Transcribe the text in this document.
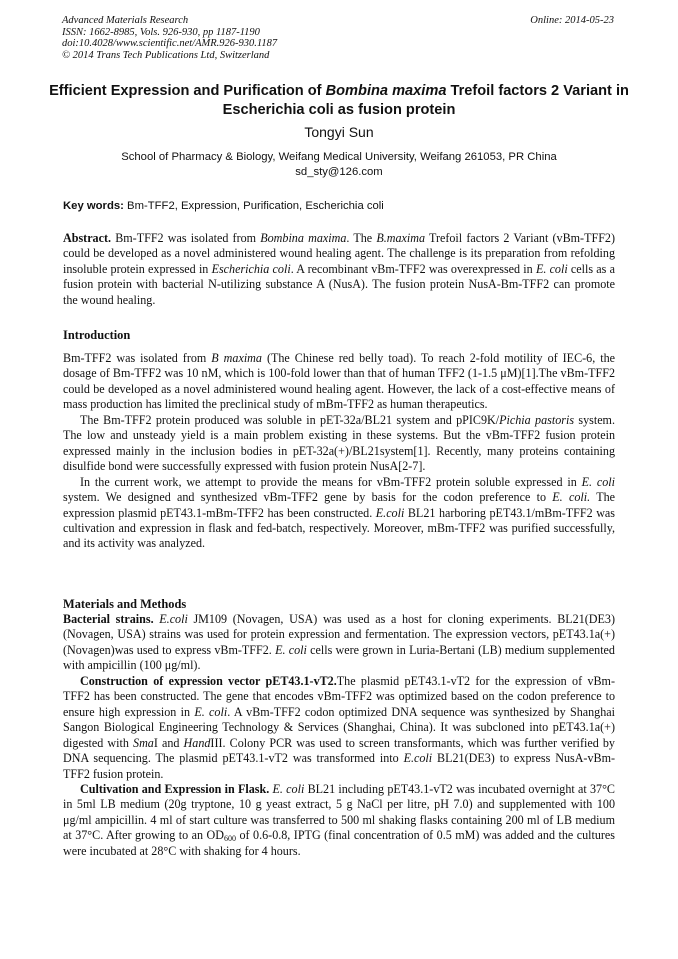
Advanced Materials Research
ISSN: 1662-8985, Vols. 926-930, pp 1187-1190
doi:10.4028/www.scientific.net/AMR.926-930.1187
© 2014 Trans Tech Publications Ltd, Switzerland
Online: 2014-05-23
Efficient Expression and Purification of Bombina maxima Trefoil factors 2 Variant in Escherichia coli as fusion protein
Tongyi Sun
School of Pharmacy & Biology, Weifang Medical University, Weifang 261053, PR China
sd_sty@126.com
Key words: Bm-TFF2, Expression, Purification, Escherichia coli

Abstract. Bm-TFF2 was isolated from Bombina maxima. The B.maxima Trefoil factors 2 Variant (vBm-TFF2) could be developed as a novel administered wound healing agent. The challenge is its preparation from refolding insoluble protein expressed in Escherichia coli. A recombinant vBm-TFF2 was overexpressed in E. coli cells as a fusion protein with bacterial N-utilizing substance A (NusA). The fusion protein NusA-Bm-TFF2 can promote the wound healing.

Introduction

Bm-TFF2 was isolated from B maxima (The Chinese red belly toad). To reach 2-fold motility of IEC-6, the dosage of Bm-TFF2 was 10 nM, which is 100-fold lower than that of human TFF2 (1-1.5 μM)[1].The vBm-TFF2 could be developed as a novel administered wound healing agent. However, the lack of a cost-effective means of mass production has limited the preclinical study of mBm-TFF2 as human therapeutics.

The Bm-TFF2 protein produced was soluble in pET-32a/BL21 system and pPIC9K/Pichia pastoris system. The low and unsteady yield is a main problem existing in these systems. But the vBm-TFF2 fusion protein expressed mainly in the inclusion bodies in pET-32a(+)/BL21system[1]. Recently, many proteins containing disulfide bond were successfully expressed with fusion protein NusA[2-7].

In the current work, we attempt to provide the means for vBm-TFF2 protein soluble expressed in E. coli system. We designed and synthesized vBm-TFF2 gene by basis for the codon preference to E. coli. The expression plasmid pET43.1-mBm-TFF2 has been constructed. E.coli BL21 harboring pET43.1/mBm-TFF2 was cultivation and expression in flask and fed-batch, respectively. Moreover, mBm-TFF2 was purified successfully, and its activity was analyzed.

Materials and Methods

Bacterial strains. E.coli JM109 (Novagen, USA) was used as a host for cloning experiments. BL21(DE3) (Novagen, USA) strains was used for protein expression and fermentation. The expression vectors, pET43.1a(+) (Novagen)was used to express vBm-TFF2. E. coli cells were grown in Luria-Bertani (LB) medium supplemented with ampicillin (100 μg/ml).

Construction of expression vector pET43.1-vT2.The plasmid pET43.1-vT2 for the expression of vBm-TFF2 has been constructed. The gene that encodes vBm-TFF2 was optimized based on the codon preference to ensure high expression in E. coli. A vBm-TFF2 codon optimized DNA sequence was synthesized by Shanghai Sangon Biological Engineering Technology & Services (Shanghai, China). It was subcloned into pET43.1a(+) digested with SmaI and HandIII. Colony PCR was used to screen transformants, which was further verified by DNA sequencing. The plasmid pET43.1-vT2 was transformed into E.coli BL21(DE3) to express NusA-vBm-TFF2 fusion protein.

Cultivation and Expression in Flask. E. coli BL21 including pET43.1-vT2 was incubated overnight at 37°C in 5ml LB medium (20g tryptone, 10 g yeast extract, 5 g NaCl per litre, pH 7.0) and supplemented with 100 μg/ml ampicillin. 4 ml of start culture was transferred to 500 ml shaking flasks containing 200 ml of LB medium at 37°C. After growing to an $OD_{600}$ of 0.6-0.8, IPTG (final concentration of 0.5 mM) was added and the cultures were incubated at 28°C with shaking for 4 hours.
